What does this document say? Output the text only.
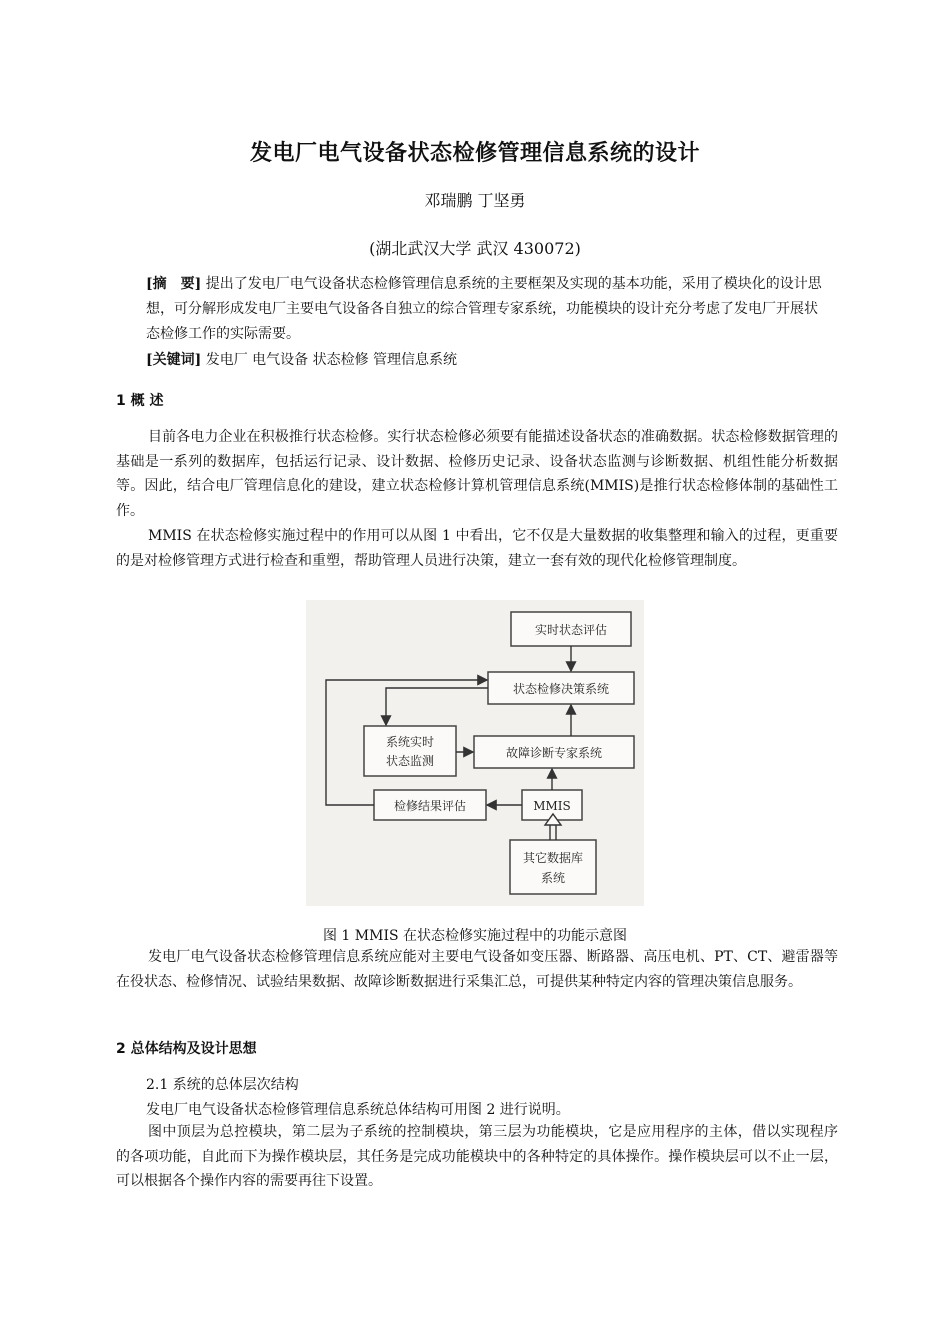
发电厂电气设备状态检修管理信息系统的设计
邓瑞鹏 丁坚勇
(湖北武汉大学 武汉 430072)
[摘　要] 提出了发电厂电气设备状态检修管理信息系统的主要框架及实现的基本功能，采用了模块化的设计思想，可分解形成发电厂主要电气设备各自独立的综合管理专家系统，功能模块的设计充分考虑了发电厂开展状态检修工作的实际需要。
[关键词] 发电厂 电气设备 状态检修 管理信息系统
1 概 述
目前各电力企业在积极推行状态检修。实行状态检修必须要有能描述设备状态的准确数据。状态检修数据管理的基础是一系列的数据库，包括运行记录、设计数据、检修历史记录、设备状态监测与诊断数据、机组性能分析数据等。因此，结合电厂管理信息化的建设，建立状态检修计算机管理信息系统(MMIS)是推行状态检修体制的基础性工作。
MMIS 在状态检修实施过程中的作用可以从图 1 中看出，它不仅是大量数据的收集整理和输入的过程，更重要的是对检修管理方式进行检查和重塑，帮助管理人员进行决策，建立一套有效的现代化检修管理制度。
实时状态评估
状态检修决策系统
系统实时
状态监测
故障诊断专家系统
检修结果评估	MMIS
其它数据库
系统
图 1 MMIS 在状态检修实施过程中的功能示意图
发电厂电气设备状态检修管理信息系统应能对主要电气设备如变压器、断路器、高压电机、PT、CT、避雷器等在役状态、检修情况、试验结果数据、故障诊断数据进行采集汇总，可提供某种特定内容的管理决策信息服务。
2 总体结构及设计思想
2.1 系统的总体层次结构
发电厂电气设备状态检修管理信息系统总体结构可用图 2 进行说明。
图中顶层为总控模块，第二层为子系统的控制模块，第三层为功能模块，它是应用程序的主体，借以实现程序　的各项功能，自此而下为操作模块层，其任务是完成功能模块中的各种特定的具体操作。操作模块层可以不止一层，可以根据各个操作内容的需要再往下设置。
